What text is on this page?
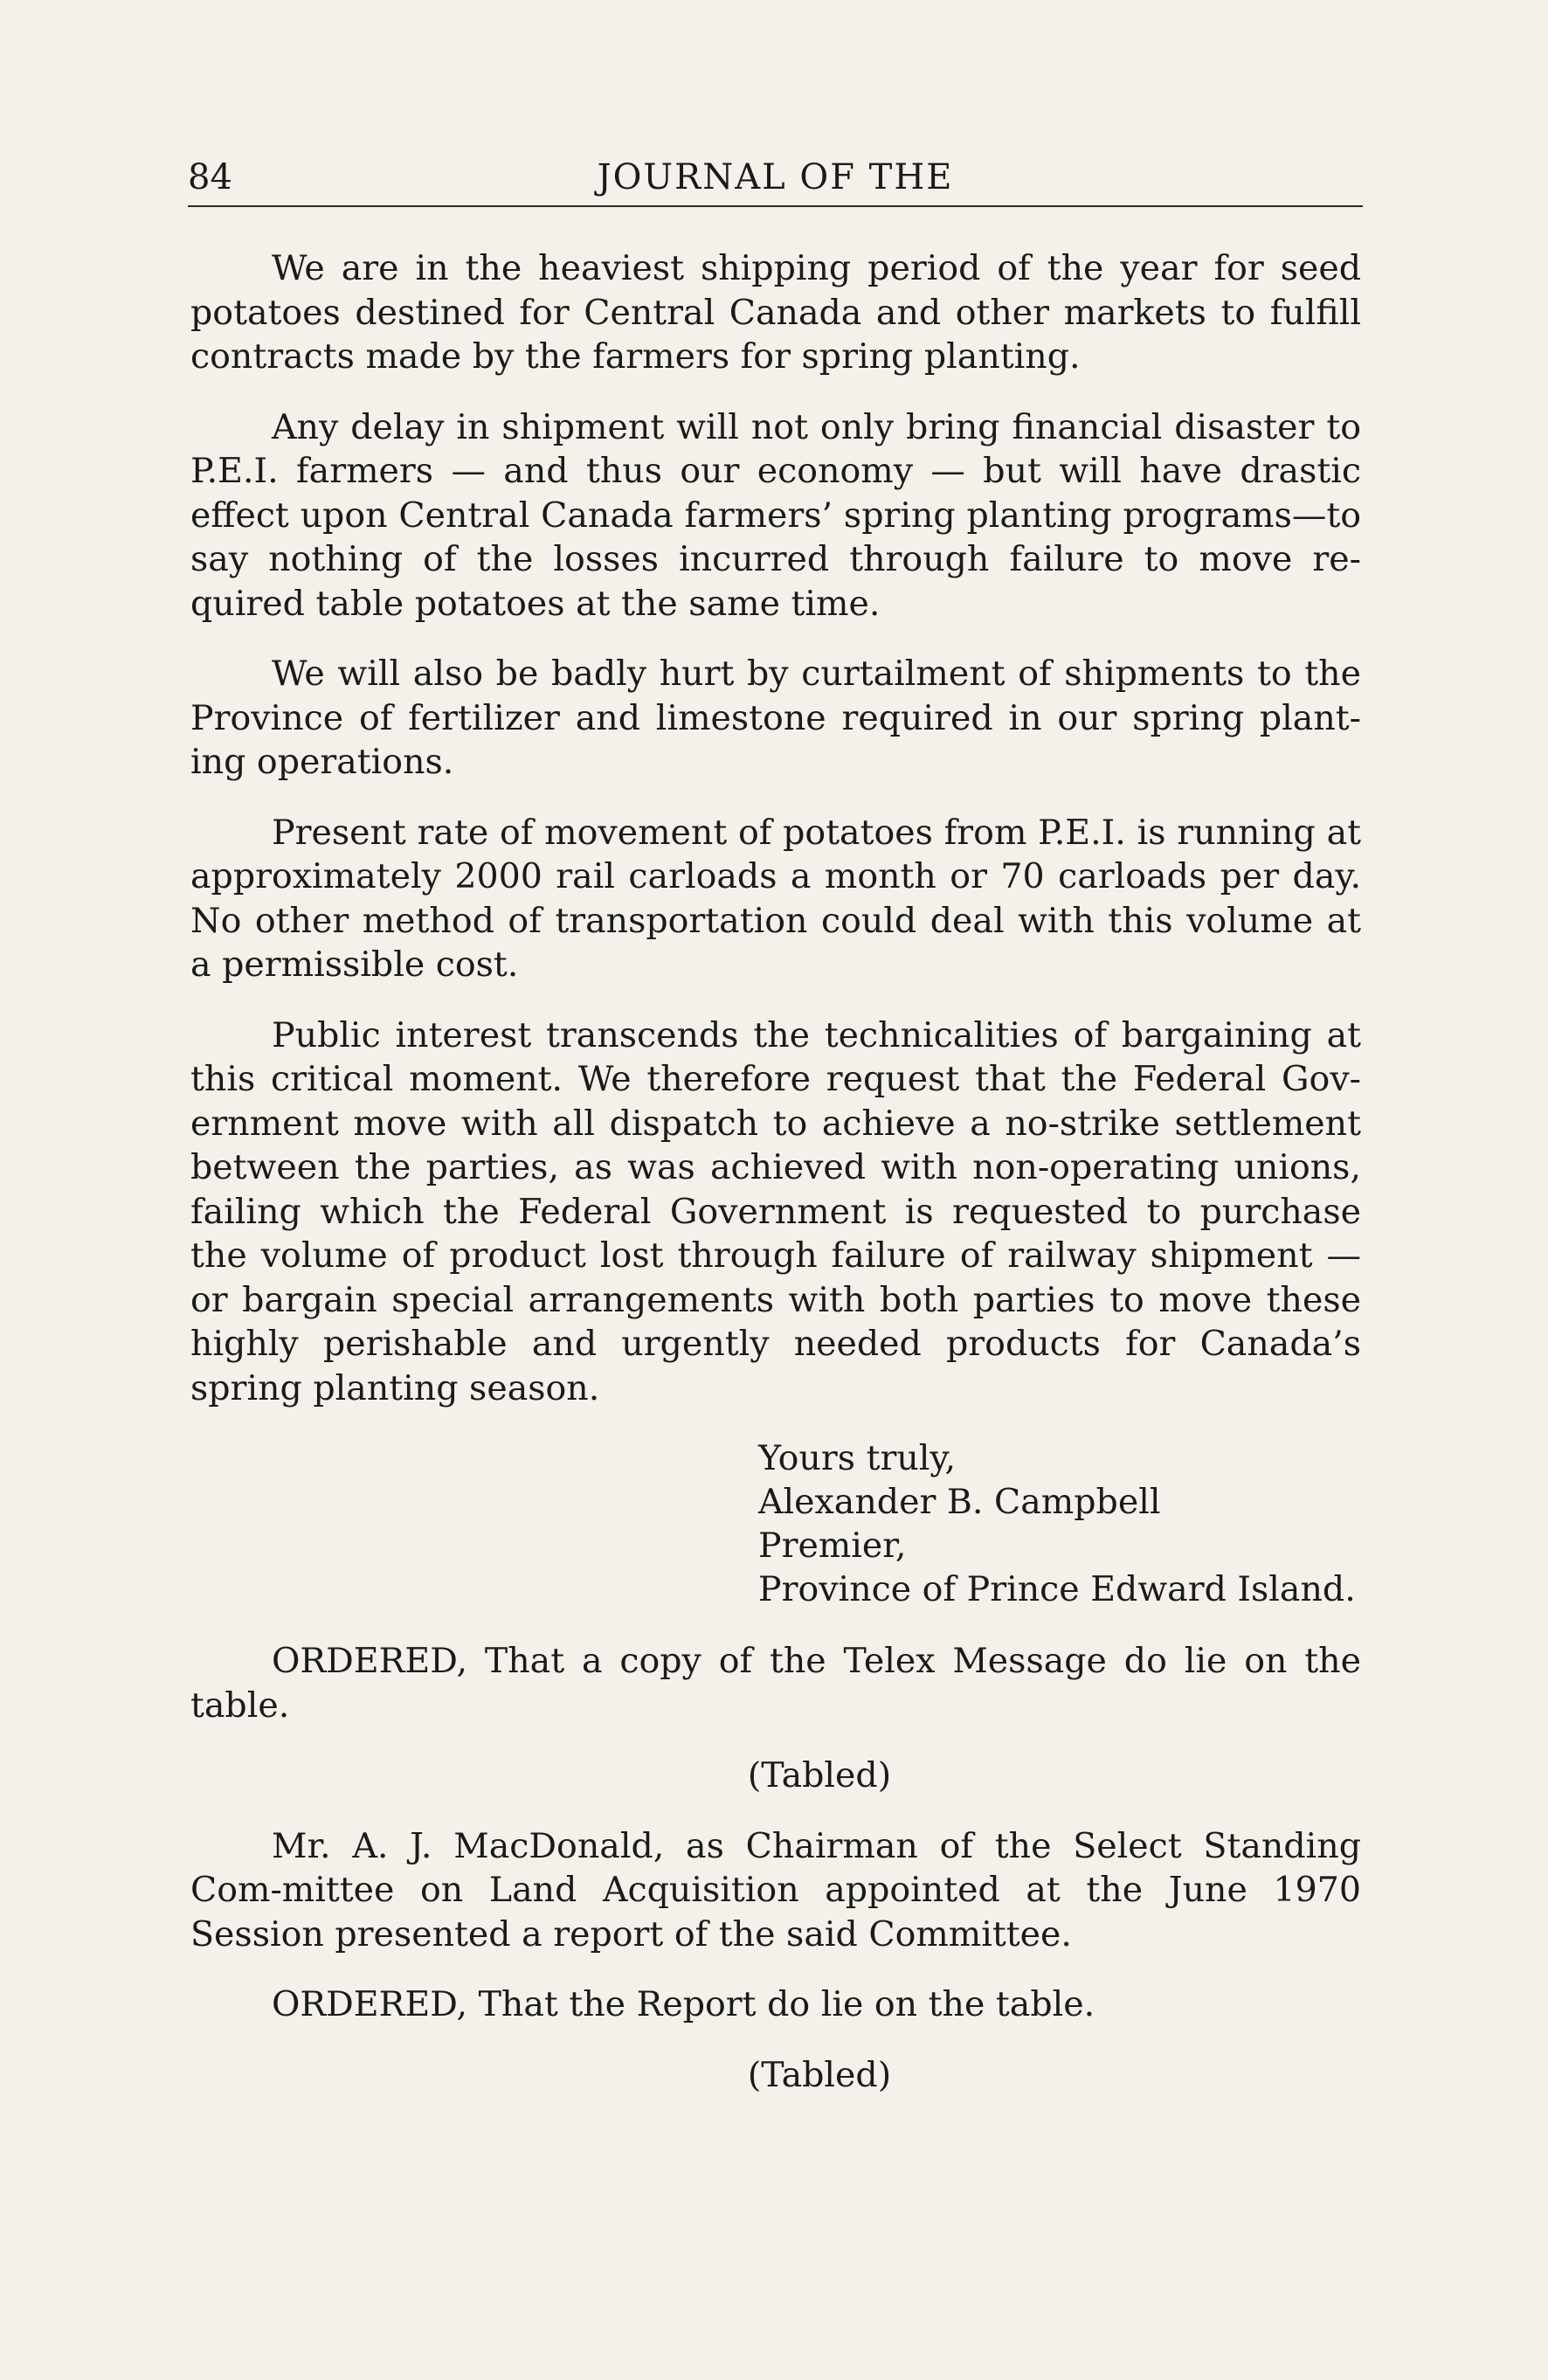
84	JOURNAL OF THE

We are in the heaviest shipping period of the year for seed potatoes destined for Central Canada and other markets to fulfill contracts made by the farmers for spring planting.

Any delay in shipment will not only bring financial disaster to P.E.I. farmers — and thus our economy — but will have drastic effect upon Central Canada farmers’ spring planting programs—to say nothing of the losses incurred through failure to move re-quired table potatoes at the same time.

We will also be badly hurt by curtailment of shipments to the Province of fertilizer and limestone required in our spring plant-ing operations.

Present rate of movement of potatoes from P.E.I. is running at approximately 2000 rail carloads a month or 70 carloads per day. No other method of transportation could deal with this volume at a permissible cost.

Public interest transcends the technicalities of bargaining at this critical moment. We therefore request that the Federal Gov-ernment move with all dispatch to achieve a no-strike settlement between the parties, as was achieved with non-operating unions, failing which the Federal Government is requested to purchase the volume of product lost through failure of railway shipment — or bargain special arrangements with both parties to move these highly perishable and urgently needed products for Canada’s spring planting season.

Yours truly,
Alexander B. Campbell
Premier,
Province of Prince Edward Island.

ORDERED, That a copy of the Telex Message do lie on the table.

(Tabled)

Mr. A. J. MacDonald, as Chairman of the Select Standing Com-mittee on Land Acquisition appointed at the June 1970 Session presented a report of the said Committee.

ORDERED, That the Report do lie on the table.

(Tabled)
